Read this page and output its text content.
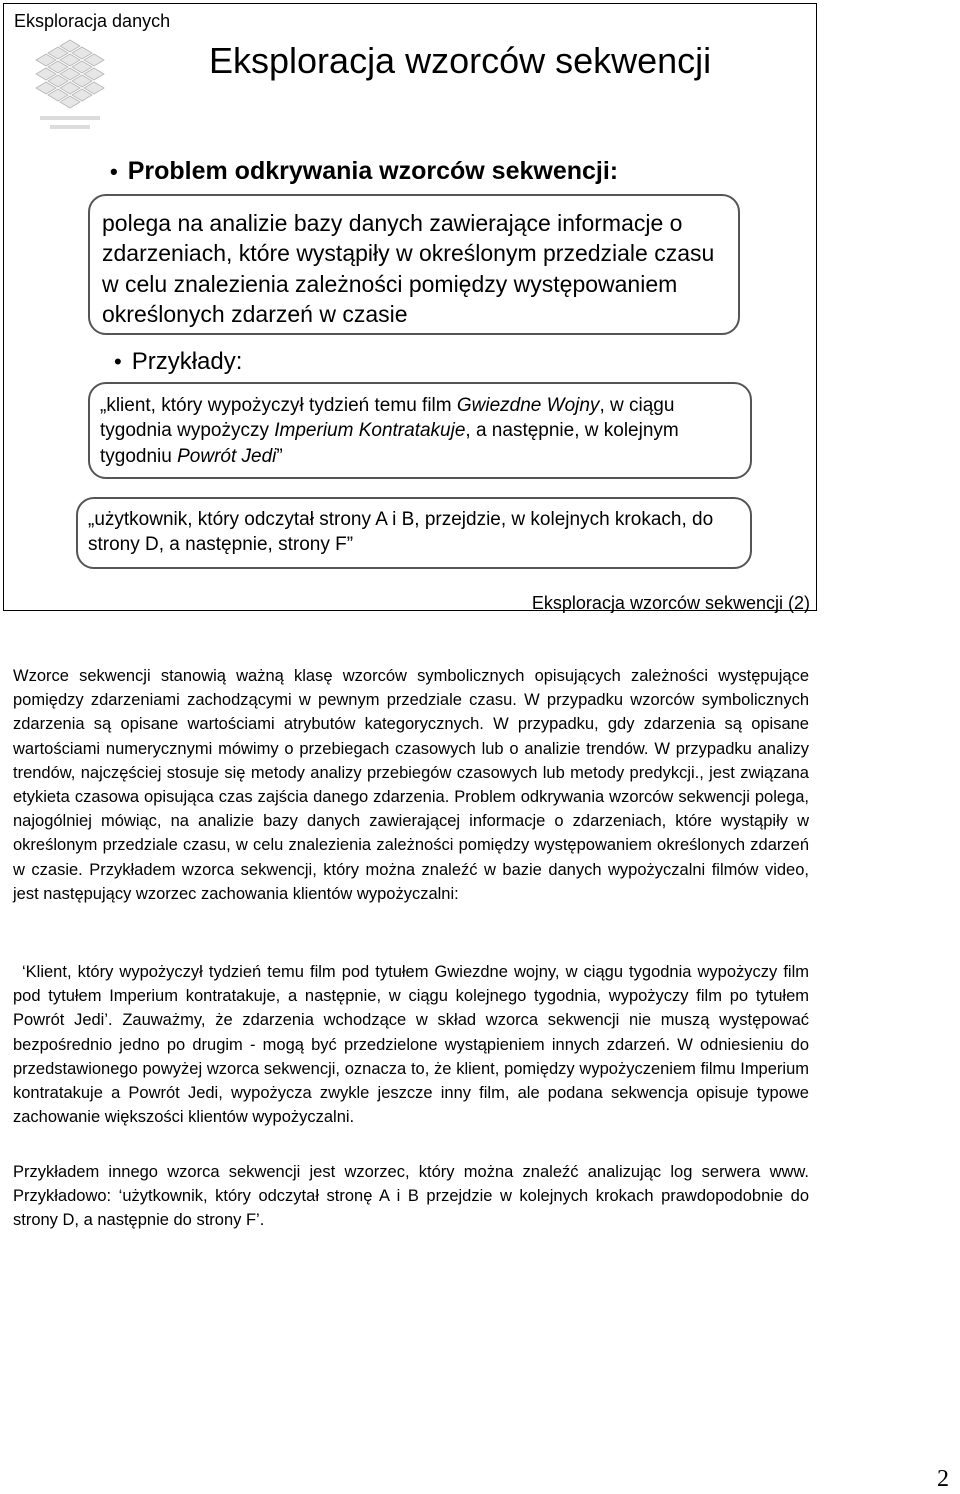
Eksploracja danych
Eksploracja wzorców sekwencji
• Problem odkrywania wzorców sekwencji:

polega na analizie bazy danych zawierające informacje o zdarzeniach, które wystąpiły w określonym przedziale czasu w celu znalezienia zależności pomiędzy występowaniem określonych zdarzeń w czasie

• Przykłady:

„klient, który wypożyczył tydzień temu film Gwiezdne Wojny, w ciągu tygodnia wypożyczy Imperium Kontratakuje, a następnie, w kolejnym tygodniu Powrót Jedi”

„użytkownik, który odczytał strony A i B, przejdzie, w kolejnych krokach, do strony D, a następnie, strony F”

Eksploracja wzorców sekwencji (2)

Wzorce sekwencji stanowią ważną klasę wzorców symbolicznych opisujących zależności występujące pomiędzy zdarzeniami zachodzącymi w pewnym przedziale czasu. W przypadku wzorców symbolicznych zdarzenia są opisane wartościami atrybutów kategorycznych. W przypadku, gdy zdarzenia są opisane wartościami numerycznymi mówimy o przebiegach czasowych lub o analizie trendów. W przypadku analizy trendów, najczęściej stosuje się metody analizy przebiegów czasowych lub metody predykcji., jest związana etykieta czasowa opisująca czas zajścia danego zdarzenia. Problem odkrywania wzorców sekwencji polega, najogólniej mówiąc, na analizie bazy danych zawierającej informacje o zdarzeniach, które wystąpiły w określonym przedziale czasu, w celu znalezienia zależności pomiędzy występowaniem określonych zdarzeń w czasie. Przykładem wzorca sekwencji, który można znaleźć w bazie danych wypożyczalni filmów video, jest następujący wzorzec zachowania klientów wypożyczalni:

‘Klient, który wypożyczył tydzień temu film pod tytułem Gwiezdne wojny, w ciągu tygodnia wypożyczy film pod tytułem Imperium kontratakuje, a następnie, w ciągu kolejnego tygodnia, wypożyczy film po tytułem Powrót Jedi’. Zauważmy, że zdarzenia wchodzące w skład wzorca sekwencji nie muszą występować bezpośrednio jedno po drugim - mogą być przedzielone wystąpieniem innych zdarzeń. W odniesieniu do przedstawionego powyżej wzorca sekwencji, oznacza to, że klient, pomiędzy wypożyczeniem filmu Imperium kontratakuje a Powrót Jedi, wypożycza zwykle jeszcze inny film, ale podana sekwencja opisuje typowe zachowanie większości klientów wypożyczalni.

Przykładem innego wzorca sekwencji jest wzorzec, który można znaleźć analizując log serwera www. Przykładowo: ‘użytkownik, który odczytał stronę A i B przejdzie w kolejnych krokach prawdopodobnie do strony D, a następnie do strony F’.

2
